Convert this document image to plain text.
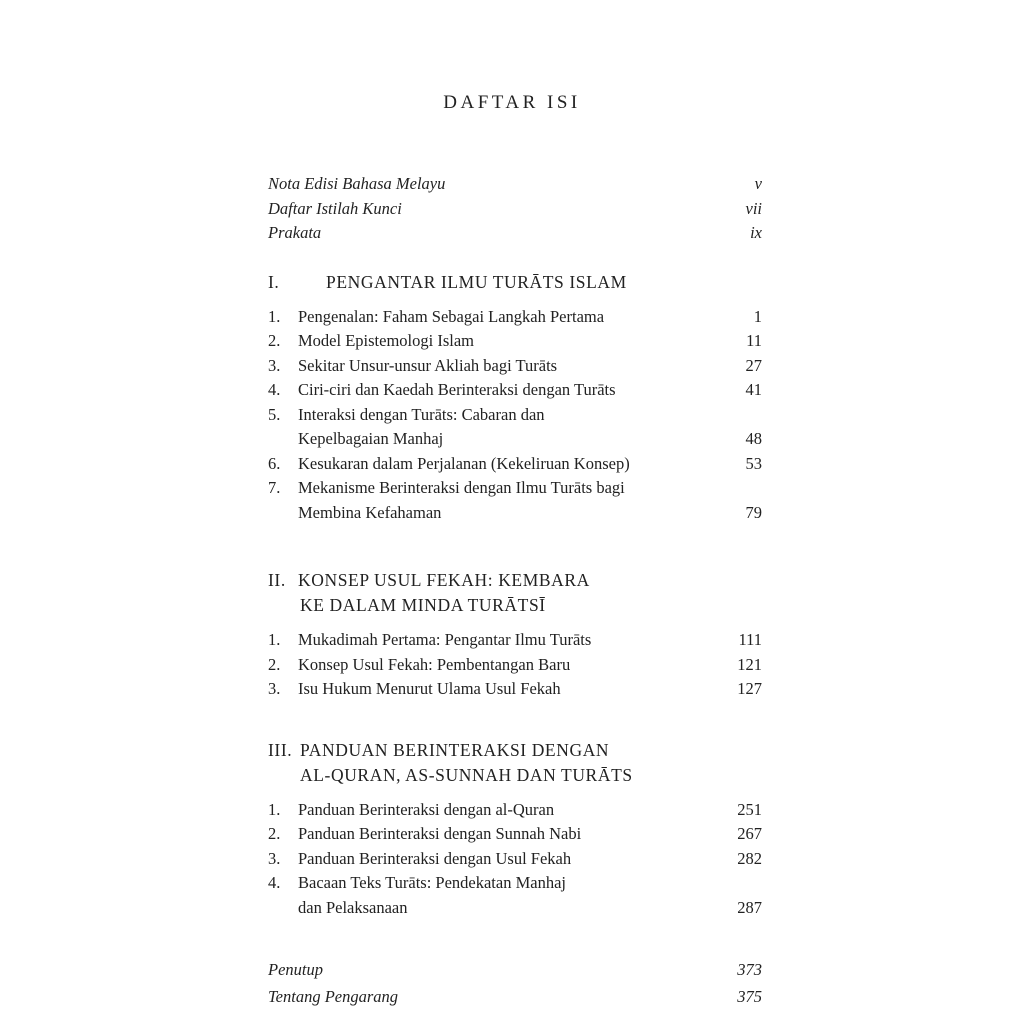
DAFTAR ISI
Nota Edisi Bahasa Melayu	v
Daftar Istilah Kunci	vii
Prakata	ix
I.	PENGANTAR ILMU TURĀTS ISLAM
1. Pengenalan: Faham Sebagai Langkah Pertama	1
2. Model Epistemologi Islam	11
3. Sekitar Unsur-unsur Akliah bagi Turāts	27
4. Ciri-ciri dan Kaedah Berinteraksi dengan Turāts	41
5. Interaksi dengan Turāts: Cabaran dan
Kepelbagaian Manhaj	48
6. Kesukaran dalam Perjalanan (Kekeliruan Konsep)	53
7. Mekanisme Berinteraksi dengan Ilmu Turāts bagi
Membina Kefahaman	79
II. KONSEP USUL FEKAH: KEMBARA
KE DALAM MINDA TURĀTSĪ
1. Mukadimah Pertama: Pengantar Ilmu Turāts	111
2. Konsep Usul Fekah: Pembentangan Baru	121
3. Isu Hukum Menurut Ulama Usul Fekah	127
III. PANDUAN BERINTERAKSI DENGAN
AL-QURAN, AS-SUNNAH DAN TURĀTS
1. Panduan Berinteraksi dengan al-Quran	251
2. Panduan Berinteraksi dengan Sunnah Nabi	267
3. Panduan Berinteraksi dengan Usul Fekah	282
4. Bacaan Teks Turāts: Pendekatan Manhaj
dan Pelaksanaan	287
Penutup	373
Tentang Pengarang	375
